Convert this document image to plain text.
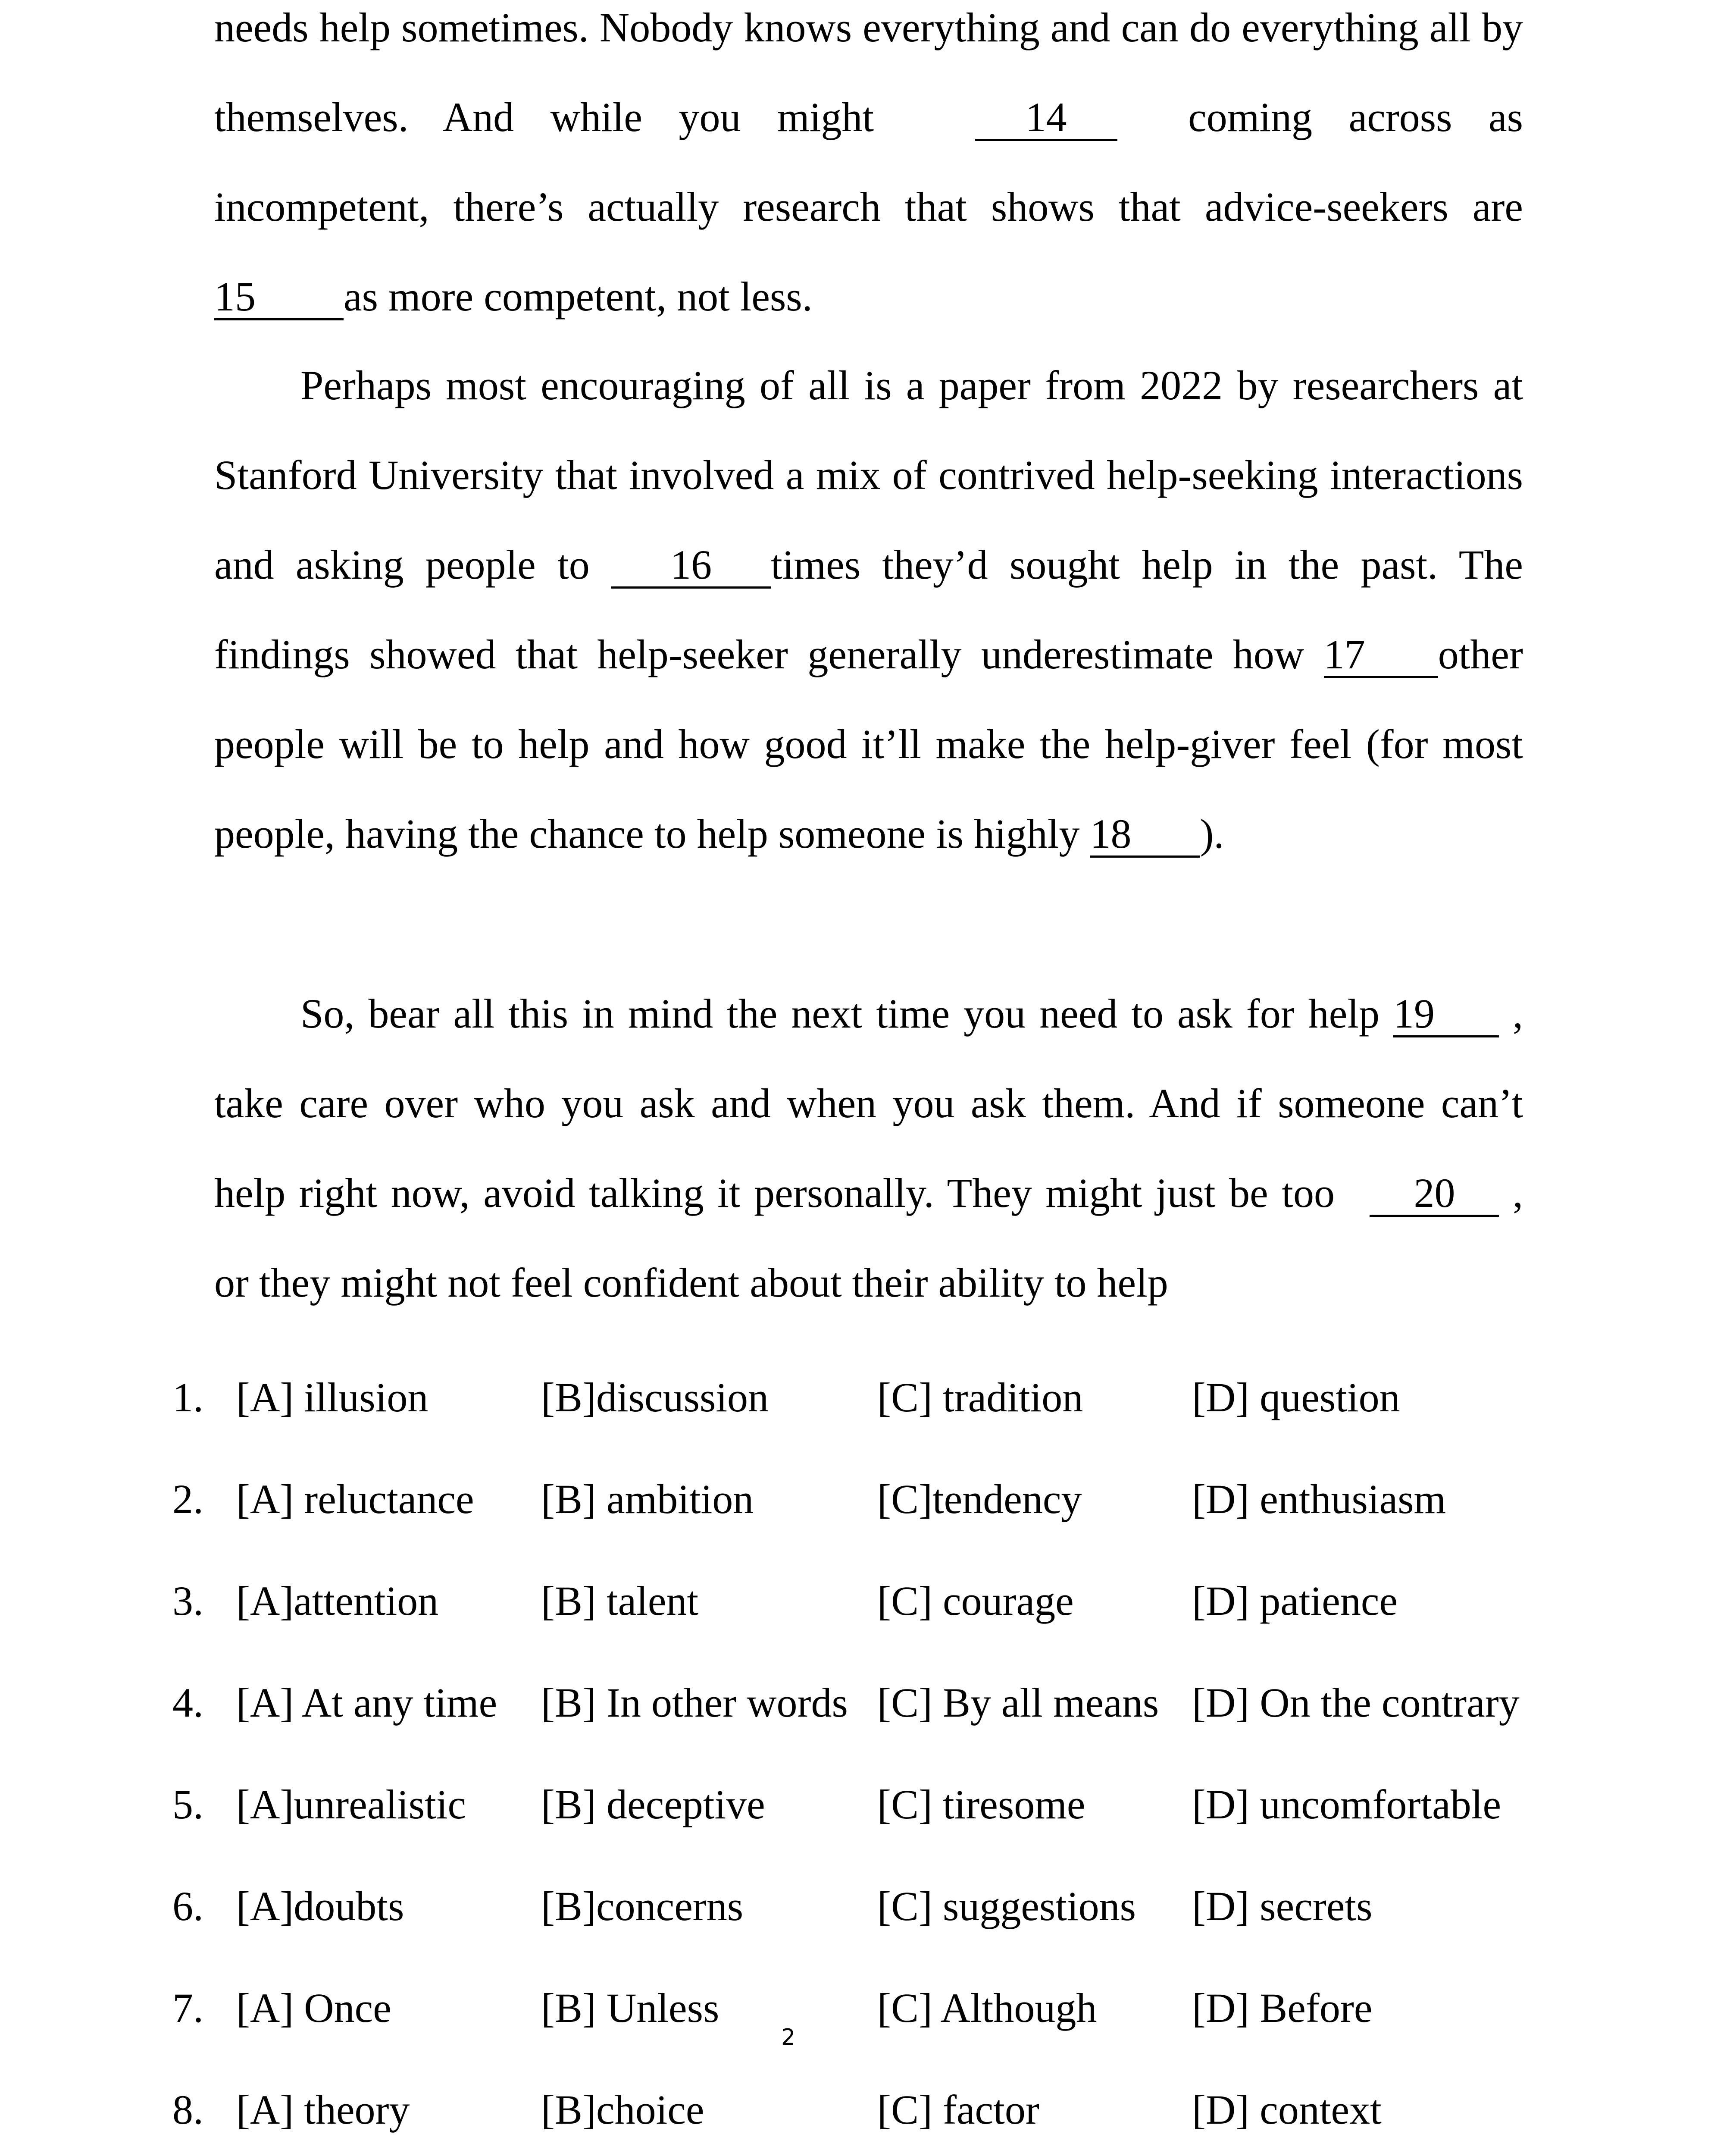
needs help sometimes. Nobody knows everything and can do everything all by themselves. And while you might	14 coming across as incompetent, there’s actually research that shows that advice-seekers are 15 as more competent, not less.
Perhaps most encouraging of all is a paper from 2022 by researchers at Stanford University that involved a mix of contrived help-seeking interactions and asking people to 16 times they’d sought help in the past. The findings showed that help-seeker generally underestimate how 17 other people will be to help and how good it’ll make the help-giver feel (for most people, having the chance to help someone is highly 18 ).
So, bear all this in mind the next time you need to ask for help 19 , take care over who you ask and when you ask them. And if someone can’t help right now, avoid talking it personally. They might just be too 20 , or they might not feel confident about their ability to help
1. [A] illusion	[B]discussion	[C] tradition	[D] question
2. [A] reluctance [B] ambition	[C]tendency	[D] enthusiasm
3. [A]attention [B] talent	[C] courage	[D] patience
4. [A] At any time [B] In other words [C] By all means [D] On the contrary
5. [A]unrealistic [B] deceptive	[C] tiresome	[D] uncomfortable
6. [A]doubts	[B]concerns	[C] suggestions [D] secrets
7. [A] Once	[B] Unless	[C] Although [D] Before
8. [A] theory	[B]choice	[C] factor	[D] context
2
